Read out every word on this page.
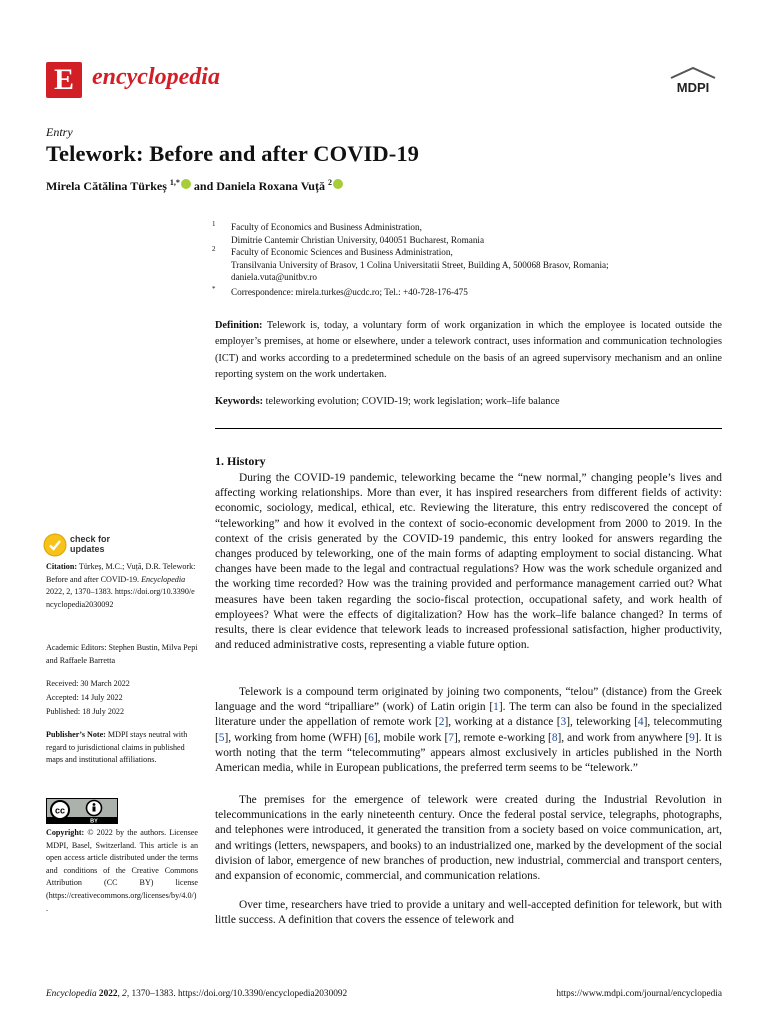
E encyclopedia	MDPI
Entry
Telework: Before and after COVID-19
Mirela Cătălina Türkeș $^{1,*}$ and Daniela Roxana Vuță $^2$
1 Faculty of Economics and Business Administration,
Dimitrie Cantemir Christian University, 040051 Bucharest, Romania
2 Faculty of Economic Sciences and Business Administration,
Transilvania University of Brasov, 1 Colina Universitatii Street, Building A, 500068 Brasov, Romania;
daniela.vuta@unitbv.ro
* Correspondence: mirela.turkes@ucdc.ro; Tel.: +40-728-176-475
Definition: Telework is, today, a voluntary form of work organization in which the employee is located outside the employer’s premises, at home or elsewhere, under a telework contract, uses information and communication technologies (ICT) and works according to a predetermined schedule on the basis of an agreed supervisory mechanism and an online reporting system on the work undertaken.
Keywords: teleworking evolution; COVID-19; work legislation; work–life balance
1. History
During the COVID-19 pandemic, teleworking became the “new normal,” changing people’s lives and affecting working relationships. More than ever, it has inspired researchers from different fields of activity: economic, sociology, medical, ethical, etc. Reviewing the literature, this entry rediscovered the concept of “teleworking” and how it evolved in the context of socio-economic development from 2000 to 2019. In the context of the crisis generated by the COVID-19 pandemic, this entry looked for answers regarding the changes produced by teleworking, one of the main forms of adapting employment to social distancing. What changes have been made to the legal and contractual regulations? How was the work schedule organized and the working time recorded? How was the training provided and performance management carried out? What measures have been taken regarding the socio-fiscal protection, occupational safety, and work health of employees? What were the effects of digitalization? How has the work–life balance changed? In terms of results, there is clear evidence that telework leads to increased professional satisfaction, higher productivity, and reduced administrative costs, representing a viable future option.
Telework is a compound term originated by joining two components, “telou” (distance) from the Greek language and the word “tripalliare” (work) of Latin origin [1]. The term can also be found in the specialized literature under the appellation of remote work [2], working at a distance [3], teleworking [4], telecommuting [5], working from home (WFH) [6], mobile work [7], remote e-working [8], and work from anywhere [9]. It is worth noting that the term “telecommuting” appears almost exclusively in articles published in the North American media, while in European publications, the preferred term seems to be “telework.”
The premises for the emergence of telework were created during the Industrial Revolution in telecommunications in the early nineteenth century. Once the federal postal service, telegraphs, photographs, and telephones were introduced, it generated the transition from a society based on voice communication, art, and writings (letters, newspapers, and books) to an industrialized one, marked by the development of the social division of labor, emergence of new branches of production, new industrial, commercial and transport centers, and expansion of economic, commercial, and communication relations.
Over time, researchers have tried to provide a unitary and well-accepted definition for telework, but with little success. A definition that covers the essence of telework and
check for
updates
Citation: Türkeș, M.C.; Vuță, D.R. Telework: Before and after COVID-19. Encyclopedia 2022, 2, 1370–1383. https://doi.org/10.3390/encyclopedia2030092
Academic Editors: Stephen Bustin, Milva Pepi and Raffaele Barretta
Received: 30 March 2022
Accepted: 14 July 2022
Published: 18 July 2022
Publisher’s Note: MDPI stays neutral with regard to jurisdictional claims in published maps and institutional affiliations.
cc
BY
Copyright: © 2022 by the authors. Licensee MDPI, Basel, Switzerland. This article is an open access article distributed under the terms and conditions of the Creative Commons Attribution (CC BY) license (https://creativecommons.org/licenses/by/4.0/).
Encyclopedia 2022, 2, 1370–1383. https://doi.org/10.3390/encyclopedia2030092	https://www.mdpi.com/journal/encyclopedia
